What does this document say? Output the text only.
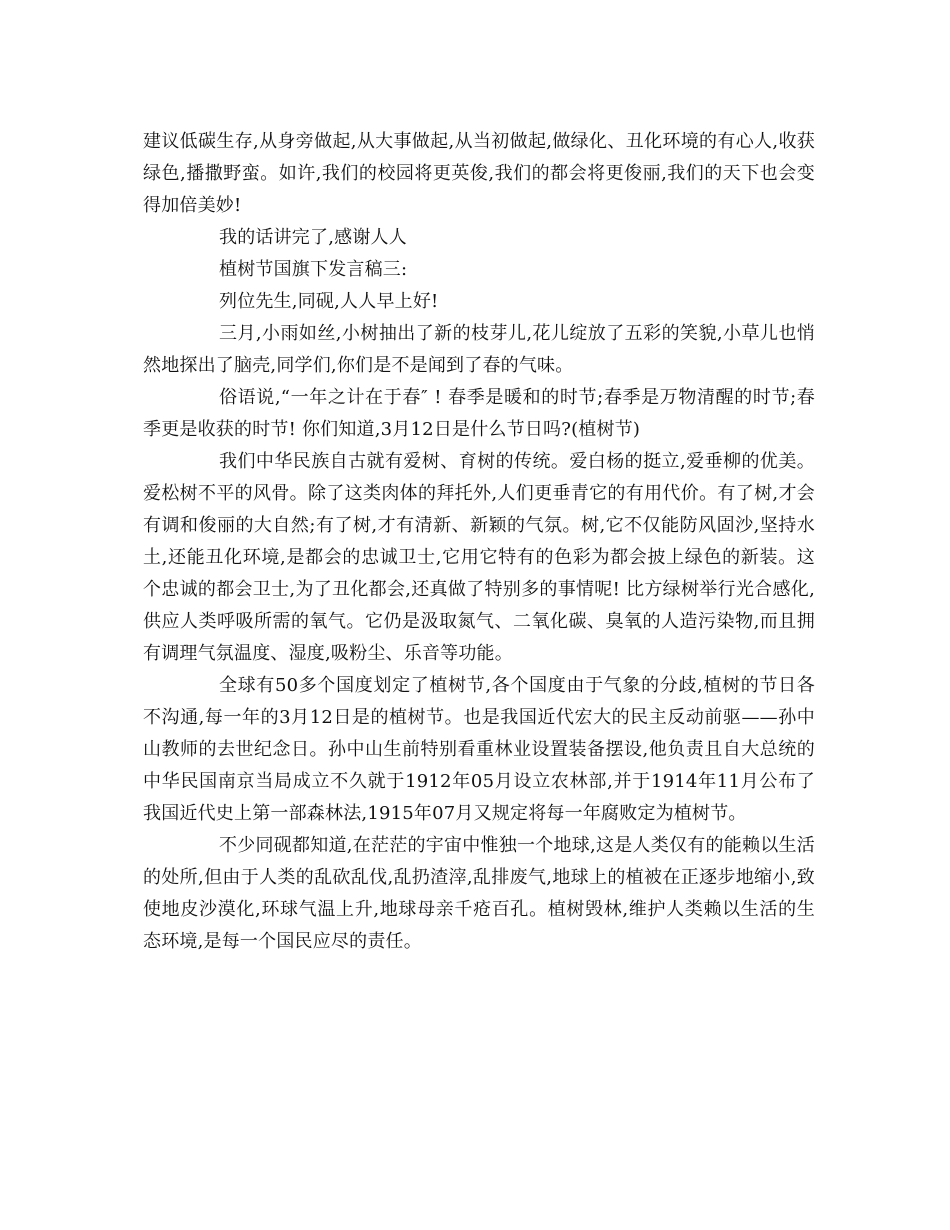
建议低碳生存,从身旁做起,从大事做起,从当初做起,做绿化、丑化环境的有心人,收获绿色,播撒野蛮。如许,我们的校园将更英俊,我们的都会将更俊丽,我们的天下也会变得加倍美妙!

我的话讲完了,感谢人人

植树节国旗下发言稿三:

列位先生,同砚,人人早上好!

三月,小雨如丝,小树抽出了新的枝芽儿,花儿绽放了五彩的笑貌,小草儿也悄然地探出了脑壳,同学们,你们是不是闻到了春的气味。

俗语说,“一年之计在于春″ ! 春季是暖和的时节;春季是万物清醒的时节;春季更是收获的时节! 你们知道,3月12日是什么节日吗?(植树节)

我们中华民族自古就有爱树、育树的传统。爱白杨的挺立,爱垂柳的优美。爱松树不平的风骨。除了这类肉体的拜托外,人们更垂青它的有用代价。有了树,才会有调和俊丽的大自然;有了树,才有清新、新颖的气氛。树,它不仅能防风固沙,坚持水土,还能丑化环境,是都会的忠诚卫士,它用它特有的色彩为都会披上绿色的新装。这个忠诚的都会卫士,为了丑化都会,还真做了特别多的事情呢! 比方绿树举行光合感化,供应人类呼吸所需的氧气。它仍是汲取氮气、二氧化碳、臭氧的人造污染物,而且拥有调理气氛温度、湿度,吸粉尘、乐音等功能。

全球有50多个国度划定了植树节,各个国度由于气象的分歧,植树的节日各不沟通,每一年的3月12日是的植树节。也是我国近代宏大的民主反动前驱——孙中山教师的去世纪念日。孙中山生前特别看重林业设置装备摆设,他负责且自大总统的中华民国南京当局成立不久就于1912年05月设立农林部,并于1914年11月公布了我国近代史上第一部森林法,1915年07月又规定将每一年腐败定为植树节。

不少同砚都知道,在茫茫的宇宙中惟独一个地球,这是人类仅有的能赖以生活的处所,但由于人类的乱砍乱伐,乱扔渣滓,乱排废气,地球上的植被在正逐步地缩小,致使地皮沙漠化,环球气温上升,地球母亲千疮百孔。植树毁林,维护人类赖以生活的生态环境,是每一个国民应尽的责任。
